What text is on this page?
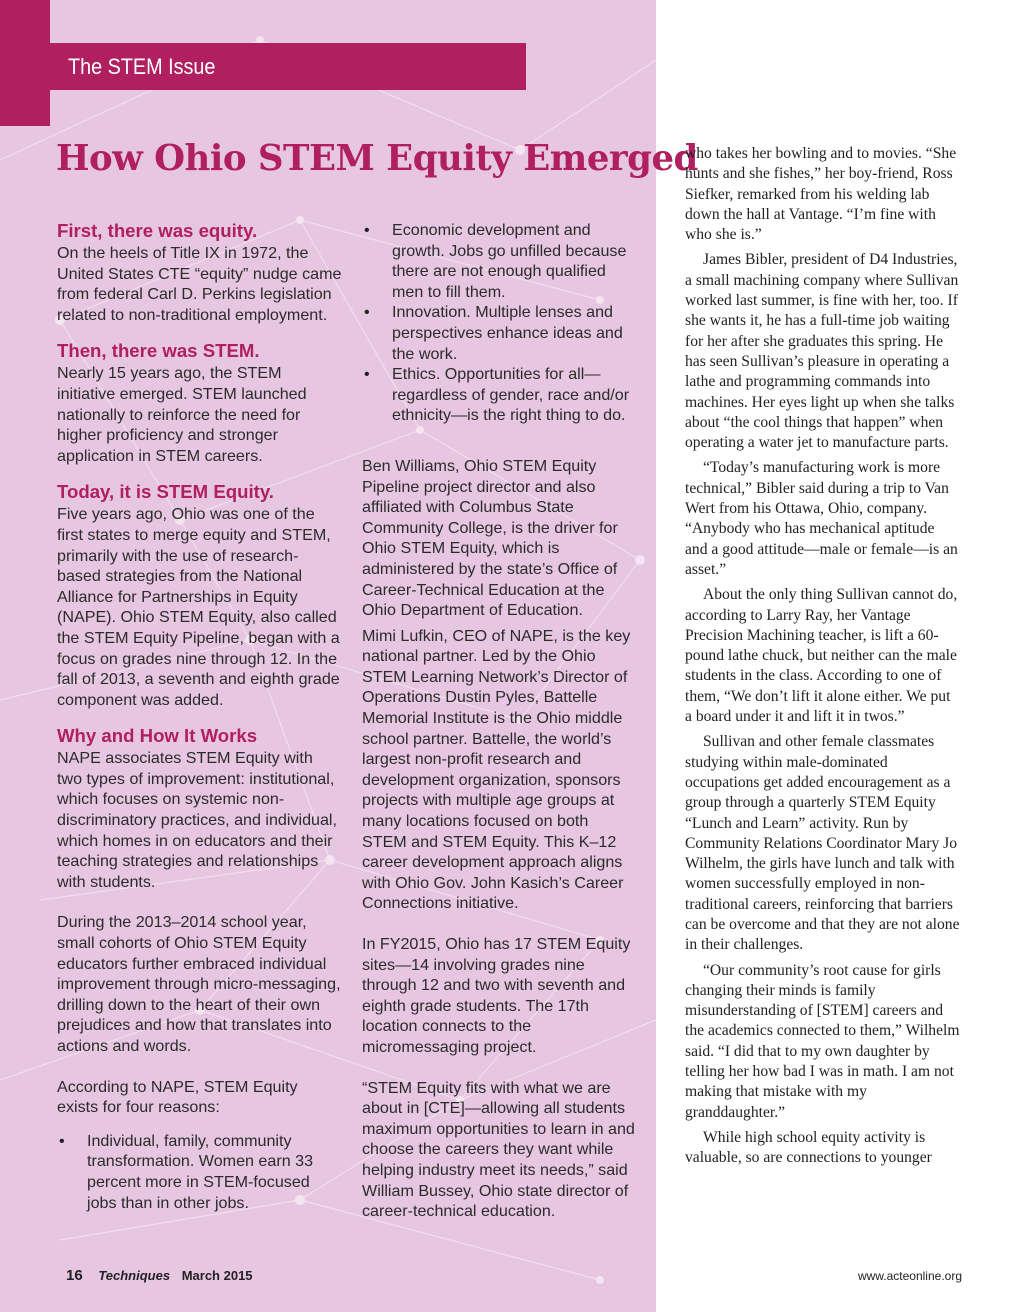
The STEM Issue
How Ohio STEM Equity Emerged
First, there was equity.

On the heels of Title IX in 1972, the United States CTE “equity” nudge came from federal Carl D. Perkins legislation related to non-traditional employment.

Then, there was STEM.

Nearly 15 years ago, the STEM initiative emerged. STEM launched nationally to reinforce the need for higher proficiency and stronger application in STEM careers.

Today, it is STEM Equity.

Five years ago, Ohio was one of the first states to merge equity and STEM, primarily with the use of research-based strategies from the National Alliance for Partnerships in Equity (NAPE). Ohio STEM Equity, also called the STEM Equity Pipeline, began with a focus on grades nine through 12. In the fall of 2013, a seventh and eighth grade component was added.

Why and How It Works

NAPE associates STEM Equity with two types of improvement: institutional, which focuses on systemic non-discriminatory practices, and individual, which homes in on educators and their teaching strategies and relationships with students.

During the 2013–2014 school year, small cohorts of Ohio STEM Equity educators further embraced individual improvement through micro-messaging, drilling down to the heart of their own prejudices and how that translates into actions and words.

According to NAPE, STEM Equity exists for four reasons:

• Individual, family, community transformation. Women earn 33 percent more in STEM-focused jobs than in other jobs.
• Economic development and growth. Jobs go unfilled because there are not enough qualified men to fill them.
• Innovation. Multiple lenses and perspectives enhance ideas and the work.
• Ethics. Opportunities for all—regardless of gender, race and/or ethnicity—is the right thing to do.

Ben Williams, Ohio STEM Equity Pipeline project director and also affiliated with Columbus State Community College, is the driver for Ohio STEM Equity, which is administered by the state’s Office of Career-Technical Education at the Ohio Department of Education.

Mimi Lufkin, CEO of NAPE, is the key national partner. Led by the Ohio STEM Learning Network’s Director of Operations Dustin Pyles, Battelle Memorial Institute is the Ohio middle school partner. Battelle, the world’s largest non-profit research and development organization, sponsors projects with multiple age groups at many locations focused on both STEM and STEM Equity. This K–12 career development approach aligns with Ohio Gov. John Kasich’s Career Connections initiative.

In FY2015, Ohio has 17 STEM Equity sites—14 involving grades nine through 12 and two with seventh and eighth grade students. The 17th location connects to the micromessaging project.

“STEM Equity fits with what we are about in [CTE]—allowing all students maximum opportunities to learn in and choose the careers they want while helping industry meet its needs,” said William Bussey, Ohio state director of career-technical education.

who takes her bowling and to movies. “She hunts and she fishes,” her boy-friend, Ross Siefker, remarked from his welding lab down the hall at Vantage. “I’m fine with who she is.”

James Bibler, president of D4 Industries, a small machining company where Sullivan worked last summer, is fine with her, too. If she wants it, he has a full-time job waiting for her after she graduates this spring. He has seen Sullivan’s pleasure in operating a lathe and programming commands into machines. Her eyes light up when she talks about “the cool things that happen” when operating a water jet to manufacture parts.

“Today’s manufacturing work is more technical,” Bibler said during a trip to Van Wert from his Ottawa, Ohio, company. “Anybody who has mechanical aptitude and a good attitude—male or female—is an asset.”

About the only thing Sullivan cannot do, according to Larry Ray, her Vantage Precision Machining teacher, is lift a 60-pound lathe chuck, but neither can the male students in the class. According to one of them, “We don’t lift it alone either. We put a board under it and lift it in twos.”

Sullivan and other female classmates studying within male-dominated occupations get added encouragement as a group through a quarterly STEM Equity “Lunch and Learn” activity. Run by Community Relations Coordinator Mary Jo Wilhelm, the girls have lunch and talk with women successfully employed in non-traditional careers, reinforcing that barriers can be overcome and that they are not alone in their challenges.

“Our community’s root cause for girls changing their minds is family misunderstanding of [STEM] careers and the academics connected to them,” Wilhelm said. “I did that to my own daughter by telling her how bad I was in math. I am not making that mistake with my granddaughter.”

While high school equity activity is valuable, so are connections to younger

16 Techniques March 2015	www.acteonline.org
